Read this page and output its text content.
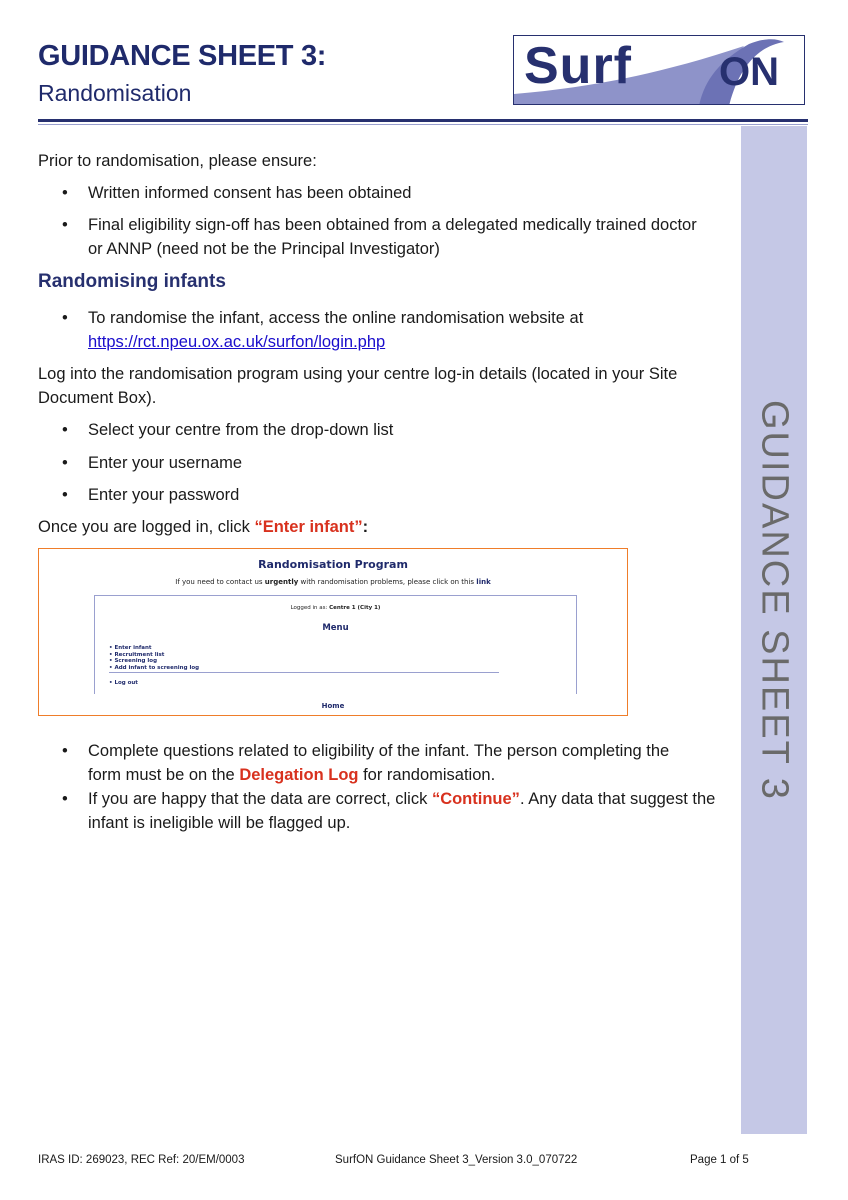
GUIDANCE SHEET 3:
Randomisation	Surf ON
GUIDANCE SHEET 3
Prior to randomisation, please ensure:
• Written informed consent has been obtained
• Final eligibility sign-off has been obtained from a delegated medically trained doctor
or ANNP (need not be the Principal Investigator)
Randomising infants
• To randomise the infant, access the online randomisation website at
https://rct.npeu.ox.ac.uk/surfon/login.php
Log into the randomisation program using your centre log-in details (located in your Site
Document Box).
• Select your centre from the drop-down list
• Enter your username
• Enter your password
Once you are logged in, click “Enter infant”:
Randomisation Program
If you need to contact us urgently with randomisation problems, please click on this link
Logged in as: Centre 1 (City 1)
Menu
• Enter infant
• Recruitment list
• Screening log
• Add infant to screening log
• Log out
Home
• Complete questions related to eligibility of the infant. The person completing the
form must be on the Delegation Log for randomisation.
• If you are happy that the data are correct, click “Continue”. Any data that suggest the
infant is ineligible will be flagged up.
IRAS ID: 269023, REC Ref: 20/EM/0003	SurfON Guidance Sheet 3_Version 3.0_070722	Page 1 of 5
